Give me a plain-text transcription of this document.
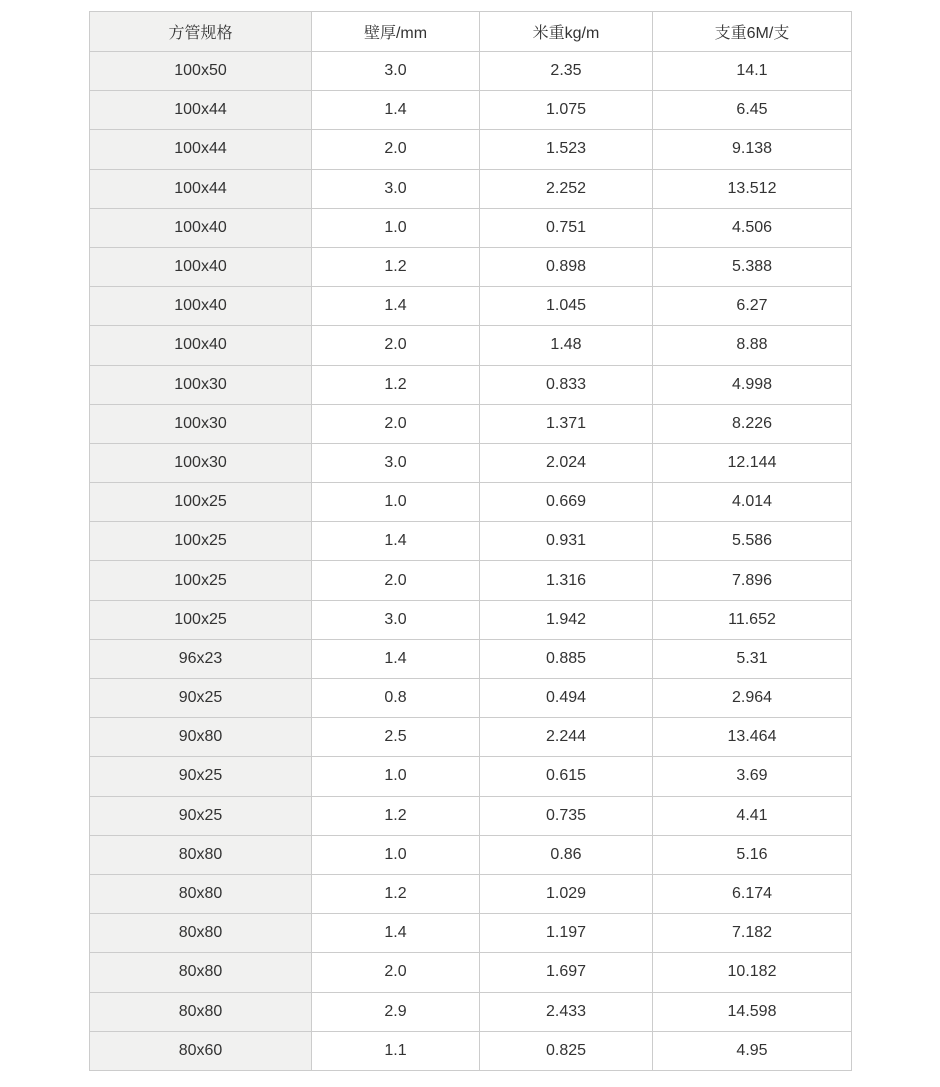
方管规格	壁厚/mm	米重kg/m	支重6M/支
100x50	3.0	2.35	14.1
100x44	1.4	1.075	6.45
100x44	2.0	1.523	9.138
100x44	3.0	2.252	13.512
100x40	1.0	0.751	4.506
100x40	1.2	0.898	5.388
100x40	1.4	1.045	6.27
100x40	2.0	1.48	8.88
100x30	1.2	0.833	4.998
100x30	2.0	1.371	8.226
100x30	3.0	2.024	12.144
100x25	1.0	0.669	4.014
100x25	1.4	0.931	5.586
100x25	2.0	1.316	7.896
100x25	3.0	1.942	11.652
96x23	1.4	0.885	5.31
90x25	0.8	0.494	2.964
90x80	2.5	2.244	13.464
90x25	1.0	0.615	3.69
90x25	1.2	0.735	4.41
80x80	1.0	0.86	5.16
80x80	1.2	1.029	6.174
80x80	1.4	1.197	7.182
80x80	2.0	1.697	10.182
80x80	2.9	2.433	14.598
80x60	1.1	0.825	4.95
